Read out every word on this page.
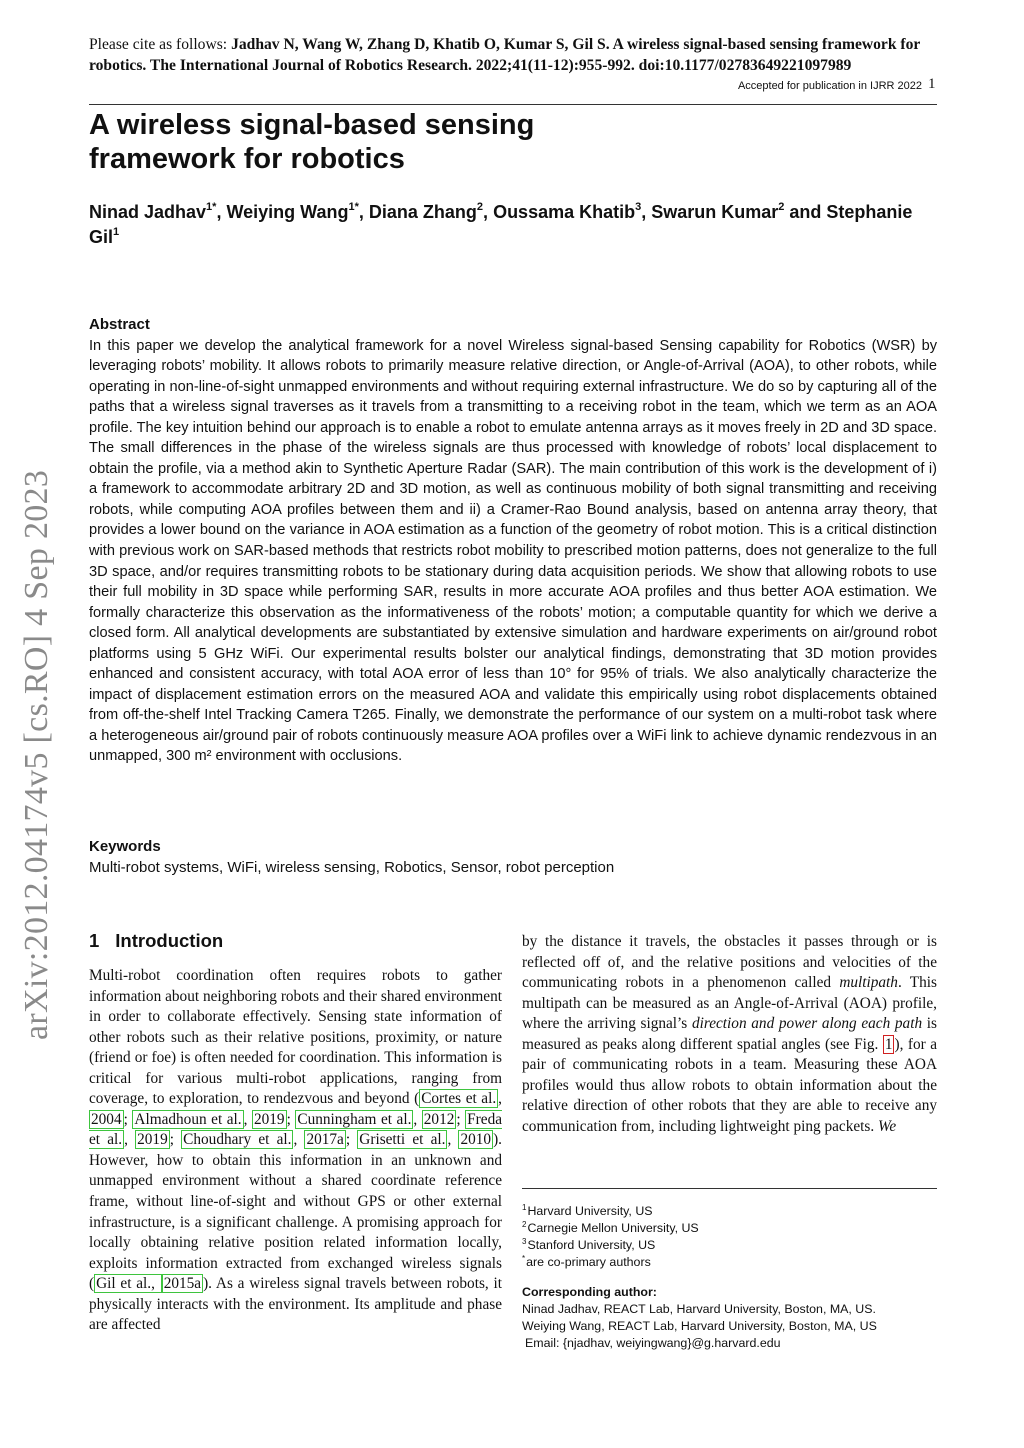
Please cite as follows: Jadhav N, Wang W, Zhang D, Khatib O, Kumar S, Gil S. A wireless signal-based sensing framework for robotics. The International Journal of Robotics Research. 2022;41(11-12):955-992. doi:10.1177/02783649221097989
Accepted for publication in IJRR 2022 1
A wireless signal-based sensing framework for robotics
Ninad Jadhav$^{1*}$, Weiying Wang$^{1*}$, Diana Zhang$^2$, Oussama Khatib$^3$, Swarun Kumar$^2$ and Stephanie Gil$^1$
Abstract

In this paper we develop the analytical framework for a novel Wireless signal-based Sensing capability for Robotics (WSR) by leveraging robots’ mobility. It allows robots to primarily measure relative direction, or Angle-of-Arrival (AOA), to other robots, while operating in non-line-of-sight unmapped environments and without requiring external infrastructure. We do so by capturing all of the paths that a wireless signal traverses as it travels from a transmitting to a receiving robot in the team, which we term as an AOA profile. The key intuition behind our approach is to enable a robot to emulate antenna arrays as it moves freely in 2D and 3D space. The small differences in the phase of the wireless signals are thus processed with knowledge of robots’ local displacement to obtain the profile, via a method akin to Synthetic Aperture Radar (SAR). The main contribution of this work is the development of i) a framework to accommodate arbitrary 2D and 3D motion, as well as continuous mobility of both signal transmitting and receiving robots, while computing AOA profiles between them and ii) a Cramer-Rao Bound analysis, based on antenna array theory, that provides a lower bound on the variance in AOA estimation as a function of the geometry of robot motion. This is a critical distinction with previous work on SAR-based methods that restricts robot mobility to prescribed motion patterns, does not generalize to the full 3D space, and/or requires transmitting robots to be stationary during data acquisition periods. We show that allowing robots to use their full mobility in 3D space while performing SAR, results in more accurate AOA profiles and thus better AOA estimation. We formally characterize this observation as the informativeness of the robots’ motion; a computable quantity for which we derive a closed form. All analytical developments are substantiated by extensive simulation and hardware experiments on air/ground robot platforms using 5 GHz WiFi. Our experimental results bolster our analytical findings, demonstrating that 3D motion provides enhanced and consistent accuracy, with total AOA error of less than 10° for 95% of trials. We also analytically characterize the impact of displacement estimation errors on the measured AOA and validate this empirically using robot displacements obtained from off-the-shelf Intel Tracking Camera T265. Finally, we demonstrate the performance of our system on a multi-robot task where a heterogeneous air/ground pair of robots continuously measure AOA profiles over a WiFi link to achieve dynamic rendezvous in an unmapped, 300 m² environment with occlusions.

Keywords
Multi-robot systems, WiFi, wireless sensing, Robotics, Sensor, robot perception
arXiv:2012.04174v5 [cs.RO] 4 Sep 2023 1 Introduction

Multi-robot coordination often requires robots to gather information about neighboring robots and their shared environment in order to collaborate effectively. Sensing state information of other robots such as their relative positions, proximity, or nature (friend or foe) is often needed for coordination. This information is critical for various multi-robot applications, ranging from coverage, to exploration, to rendezvous and beyond ( Cortes et al. , 2004 ; Almadhoun et al. , 2019 ; Cunningham et al. , 2012 ; Freda et al. , 2019 ; Choudhary et al. , 2017a ; Grisetti et al. , 2010 ). However, how to obtain this information in an unknown and unmapped environment without a shared coordinate reference frame, without line-of-sight and without GPS or other external infrastructure, is a significant challenge. A promising approach for locally obtaining relative position related information locally, exploits information extracted from exchanged wireless signals ( Gil et al., 2015a ). As a wireless signal travels between robots, it physically interacts with the environment. Its amplitude and phase are affected

by the distance it travels, the obstacles it passes through or is reflected off of, and the relative positions and velocities of the communicating robots in a phenomenon called multipath. This multipath can be measured as an Angle-of-Arrival (AOA) profile, where the arriving signal’s direction and power along each path is measured as peaks along different spatial angles (see Fig. 1 ), for a pair of communicating robots in a team. Measuring these AOA profiles would thus allow robots to obtain information about the relative direction of other robots that they are able to receive any communication from, including lightweight ping packets. We

$^1$Harvard University, US
$^2$Carnegie Mellon University, US
$^3$Stanford University, US
*are co-primary authors
Corresponding author:
Ninad Jadhav, REACT Lab, Harvard University, Boston, MA, US.
Weiying Wang, REACT Lab, Harvard University, Boston, MA, US
Email: {njadhav, weiyingwang}@g.harvard.edu
